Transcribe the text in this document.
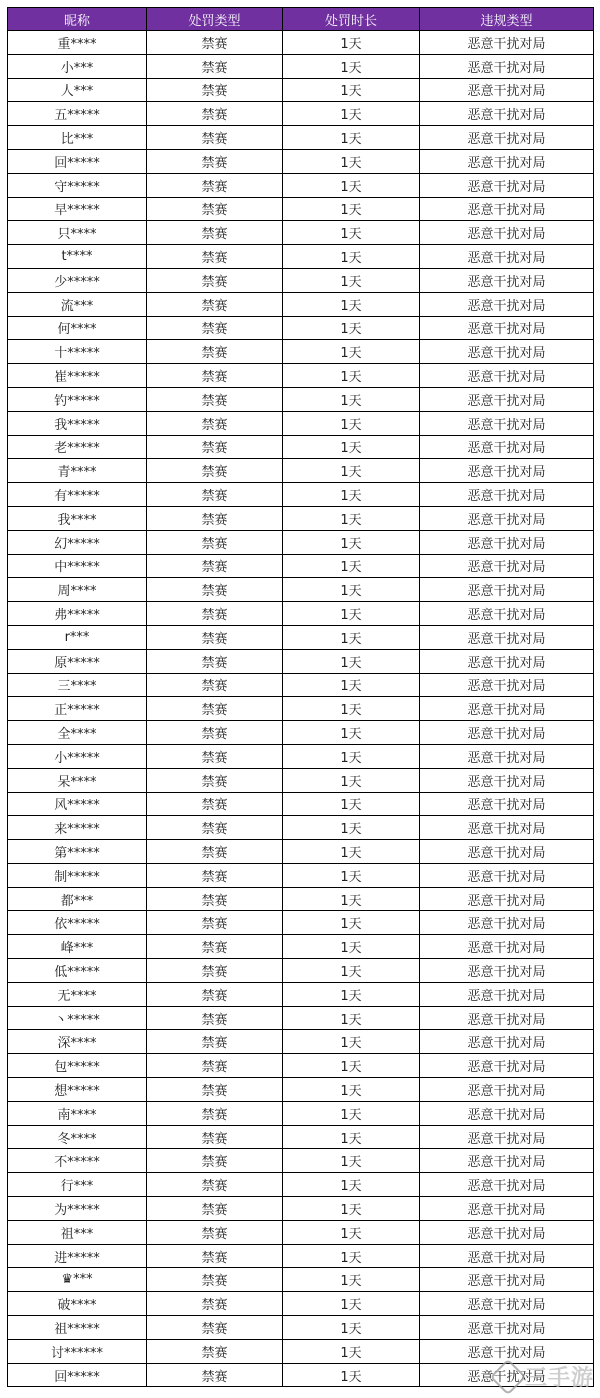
昵称	处罚类型	处罚时长	违规类型
重****	禁赛	1天	恶意干扰对局
小***	禁赛	1天	恶意干扰对局
人***	禁赛	1天	恶意干扰对局
五*****	禁赛	1天	恶意干扰对局
比***	禁赛	1天	恶意干扰对局
回*****	禁赛	1天	恶意干扰对局
守*****	禁赛	1天	恶意干扰对局
早*****	禁赛	1天	恶意干扰对局
只****	禁赛	1天	恶意干扰对局
t****	禁赛	1天	恶意干扰对局
少*****	禁赛	1天	恶意干扰对局
流***	禁赛	1天	恶意干扰对局
何****	禁赛	1天	恶意干扰对局
十*****	禁赛	1天	恶意干扰对局
崔*****	禁赛	1天	恶意干扰对局
钓*****	禁赛	1天	恶意干扰对局
我*****	禁赛	1天	恶意干扰对局
老*****	禁赛	1天	恶意干扰对局
青****	禁赛	1天	恶意干扰对局
有*****	禁赛	1天	恶意干扰对局
我****	禁赛	1天	恶意干扰对局
幻*****	禁赛	1天	恶意干扰对局
中*****	禁赛	1天	恶意干扰对局
周****	禁赛	1天	恶意干扰对局
弗*****	禁赛	1天	恶意干扰对局
r***	禁赛	1天	恶意干扰对局
原*****	禁赛	1天	恶意干扰对局
三****	禁赛	1天	恶意干扰对局
正*****	禁赛	1天	恶意干扰对局
全****	禁赛	1天	恶意干扰对局
小*****	禁赛	1天	恶意干扰对局
呆****	禁赛	1天	恶意干扰对局
风*****	禁赛	1天	恶意干扰对局
来*****	禁赛	1天	恶意干扰对局
第*****	禁赛	1天	恶意干扰对局
制*****	禁赛	1天	恶意干扰对局
都***	禁赛	1天	恶意干扰对局
依*****	禁赛	1天	恶意干扰对局
峰***	禁赛	1天	恶意干扰对局
低*****	禁赛	1天	恶意干扰对局
无****	禁赛	1天	恶意干扰对局
丶*****	禁赛	1天	恶意干扰对局
深****	禁赛	1天	恶意干扰对局
包*****	禁赛	1天	恶意干扰对局
想*****	禁赛	1天	恶意干扰对局
南****	禁赛	1天	恶意干扰对局
冬****	禁赛	1天	恶意干扰对局
不*****	禁赛	1天	恶意干扰对局
行***	禁赛	1天	恶意干扰对局
为*****	禁赛	1天	恶意干扰对局
祖***	禁赛	1天	恶意干扰对局
进*****	禁赛	1天	恶意干扰对局
♛***	禁赛	1天	恶意干扰对局
破****	禁赛	1天	恶意干扰对局
祖*****	禁赛	1天	恶意干扰对局
讨******	禁赛	1天	恶意干扰对局
回*****	禁赛	1天	恶意干扰对局
三手游
